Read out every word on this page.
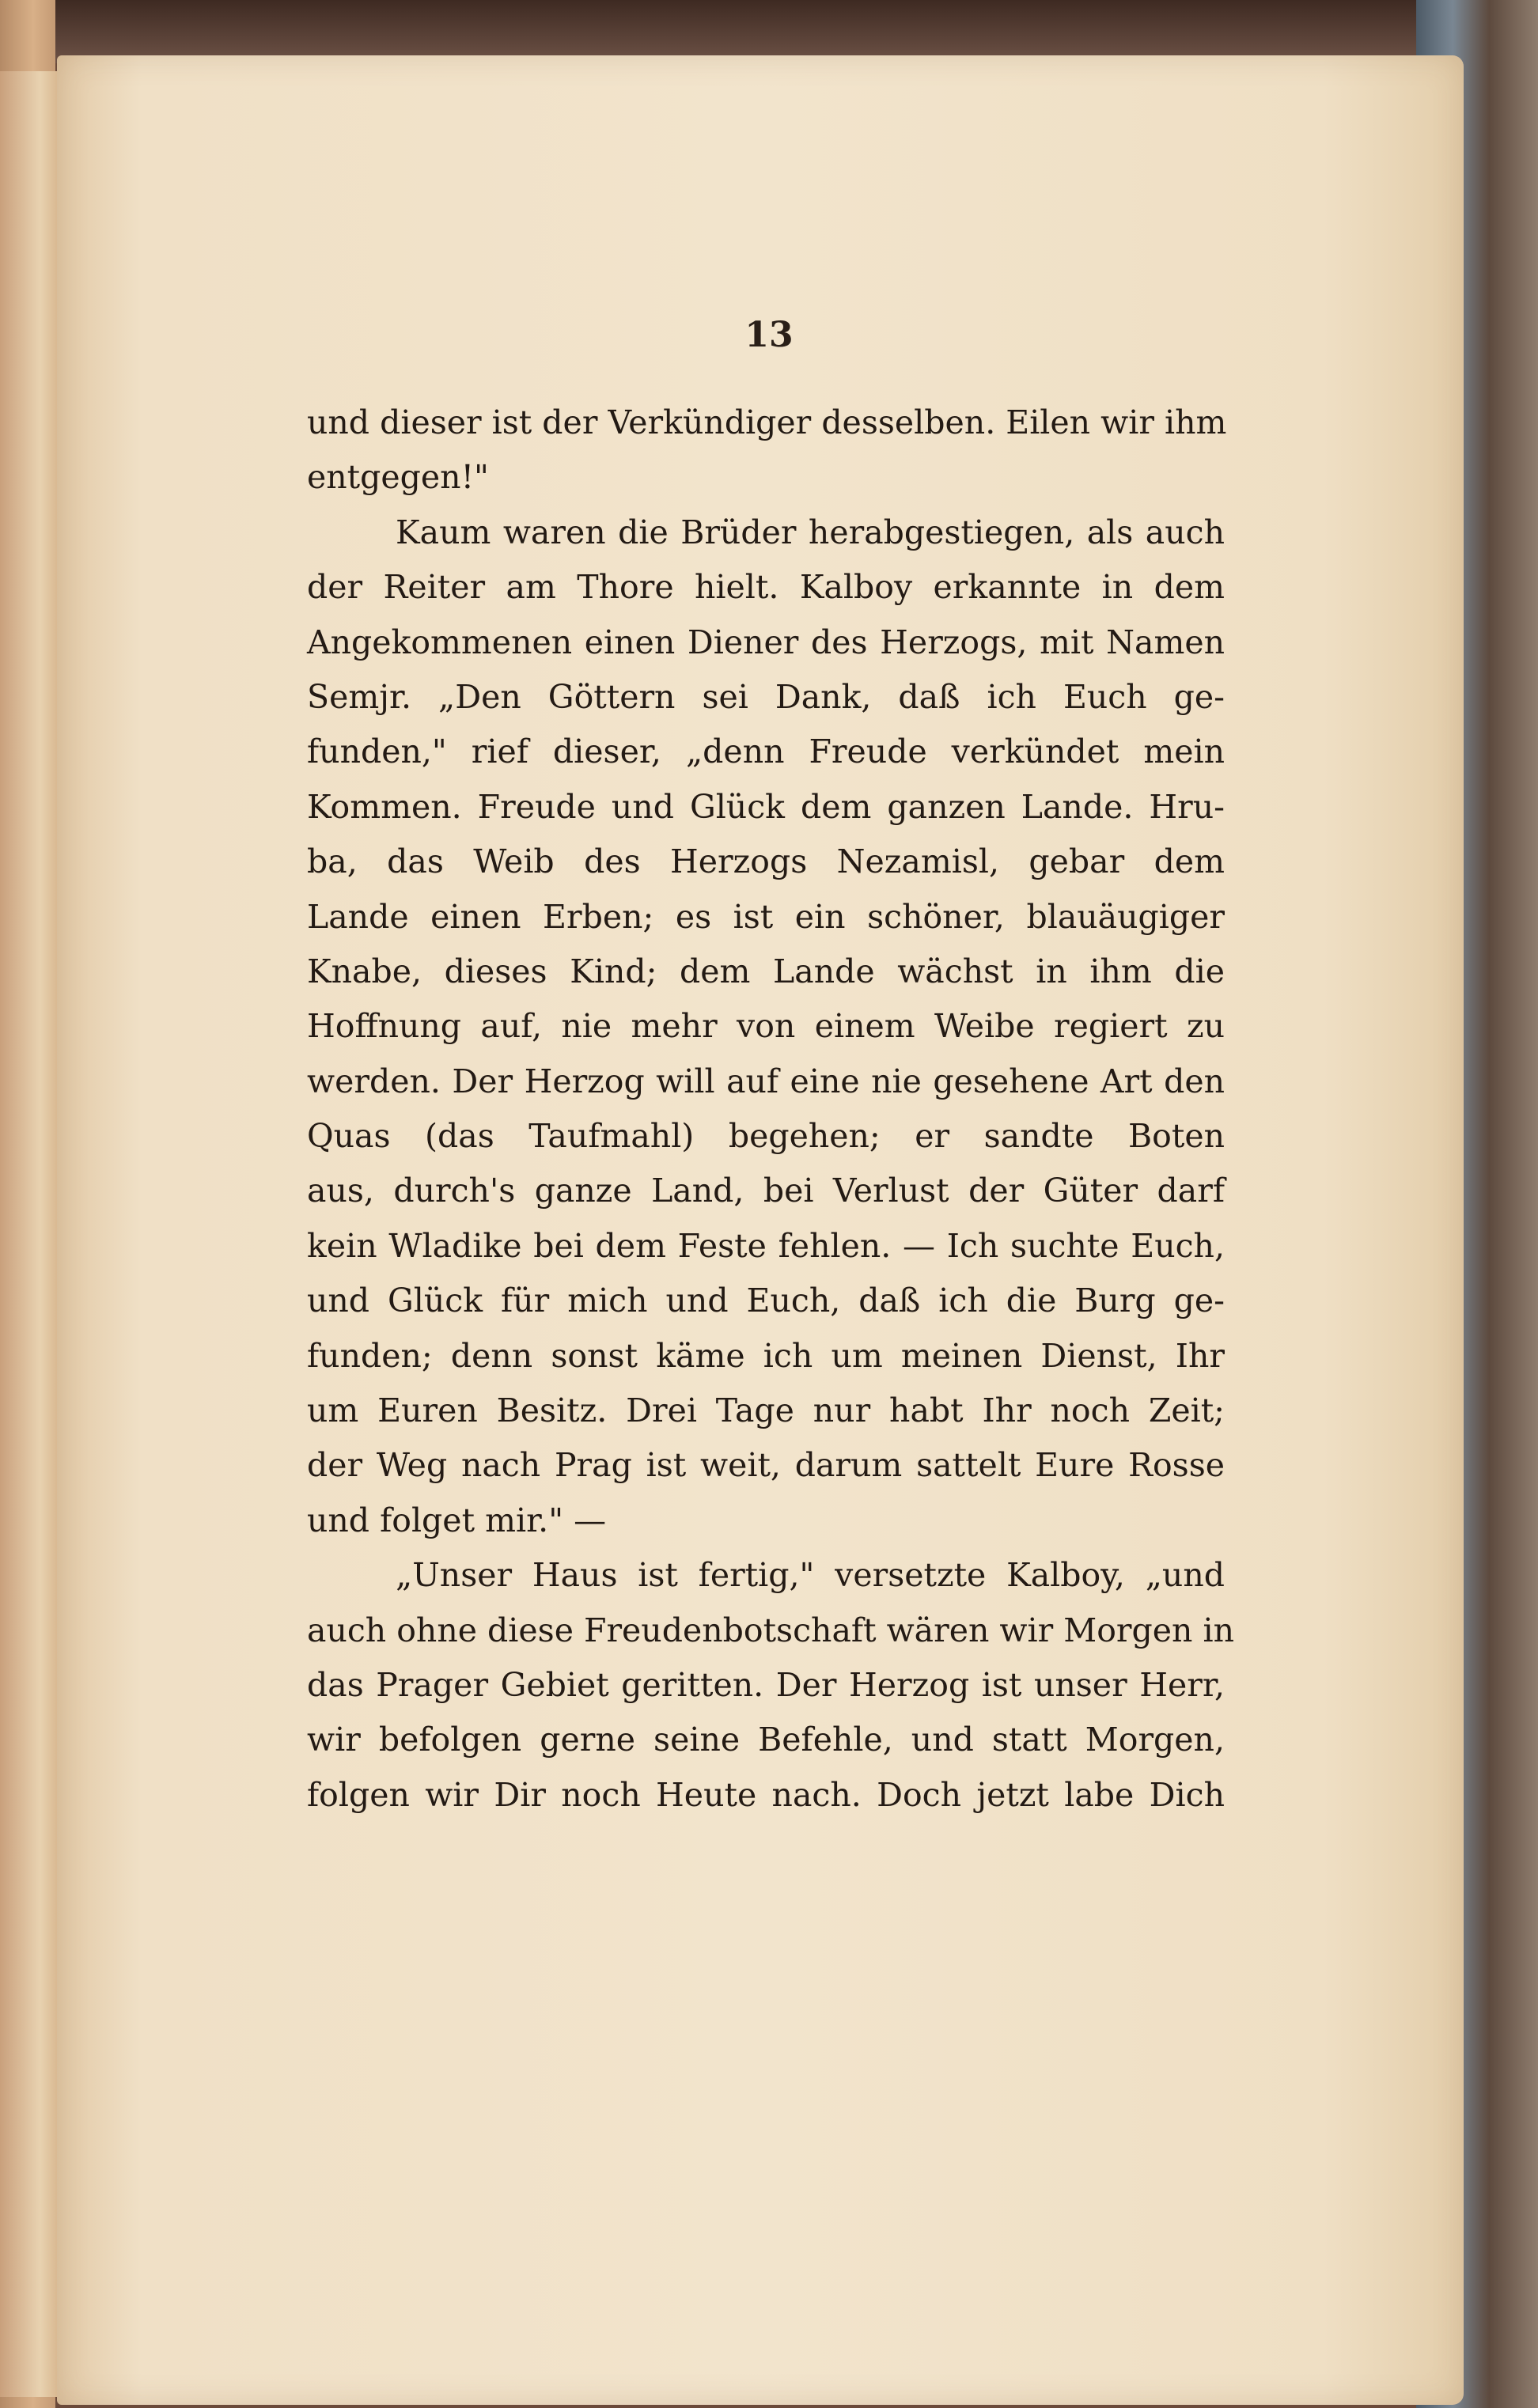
13
und dieser ist der Verkündiger desselben. Eilen wir ihm
entgegen!"
Kaum waren die Brüder herabgestiegen, als auch
der Reiter am Thore hielt. Kalboy erkannte in dem
Angekommenen einen Diener des Herzogs, mit Namen
Semjr. „Den Göttern sei Dank, daß ich Euch ge-
funden," rief dieser, „denn Freude verkündet mein
Kommen. Freude und Glück dem ganzen Lande. Hru-
ba, das Weib des Herzogs Nezamisl, gebar dem
Lande einen Erben; es ist ein schöner, blauäugiger
Knabe, dieses Kind; dem Lande wächst in ihm die
Hoffnung auf, nie mehr von einem Weibe regiert zu
werden. Der Herzog will auf eine nie gesehene Art den
Quas (das Taufmahl) begehen; er sandte Boten
aus, durch's ganze Land, bei Verlust der Güter darf
kein Wladike bei dem Feste fehlen. — Ich suchte Euch,
und Glück für mich und Euch, daß ich die Burg ge-
funden; denn sonst käme ich um meinen Dienst, Ihr
um Euren Besitz. Drei Tage nur habt Ihr noch Zeit;
der Weg nach Prag ist weit, darum sattelt Eure Rosse
und folget mir." —
„Unser Haus ist fertig," versetzte Kalboy, „und
auch ohne diese Freudenbotschaft wären wir Morgen in
das Prager Gebiet geritten. Der Herzog ist unser Herr,
wir befolgen gerne seine Befehle, und statt Morgen,
folgen wir Dir noch Heute nach. Doch jetzt labe Dich
